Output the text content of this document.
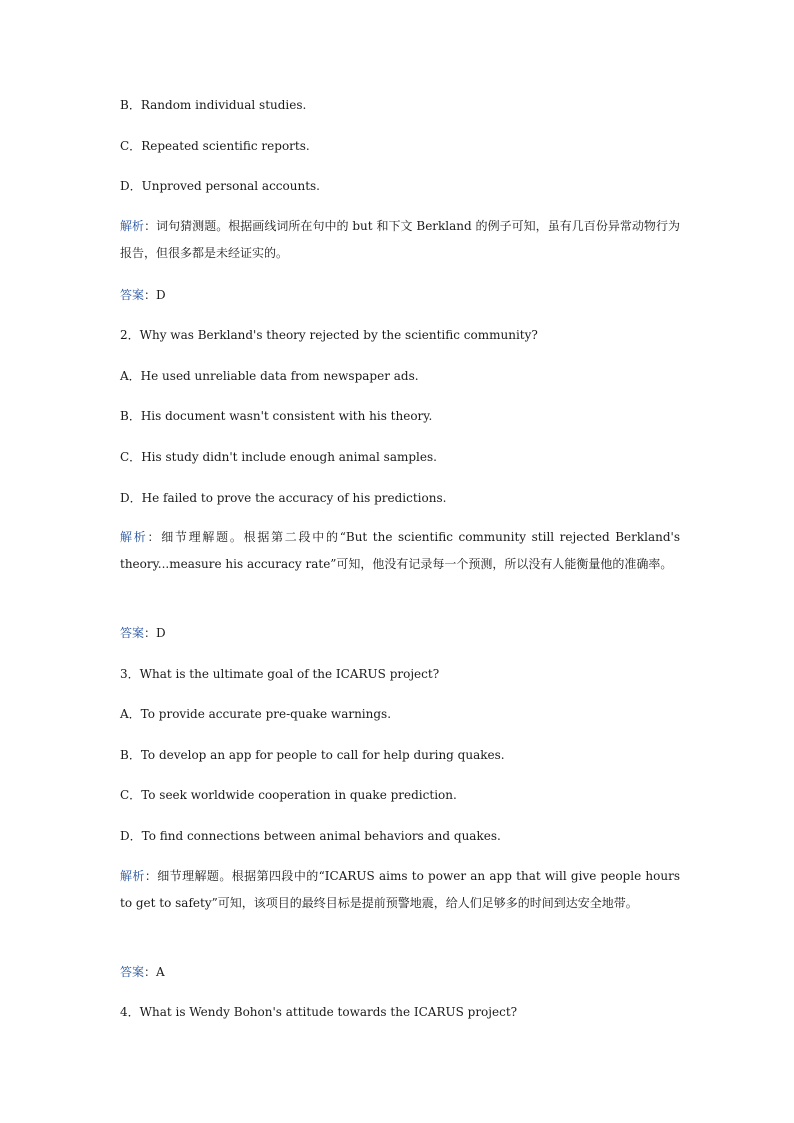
B．Random individual studies.
C．Repeated scientific reports.
D．Unproved personal accounts.
解析：词句猜测题。根据画线词所在句中的 but 和下文 Berkland 的例子可知，虽有几百份异常动物行为报告，但很多都是未经证实的。
答案：D
2．Why was Berkland's theory rejected by the scientific community?
A．He used unreliable data from newspaper ads.
B．His document wasn't consistent with his theory.
C．His study didn't include enough animal samples.
D．He failed to prove the accuracy of his predictions.
解析：细节理解题。根据第二段中的“But the scientific community still rejected Berkland's theory...measure his accuracy rate”可知，他没有记录每一个预测，所以没有人能衡量他的准确率。
答案：D
3．What is the ultimate goal of the ICARUS project?
A．To provide accurate pre-quake warnings.
B．To develop an app for people to call for help during quakes.
C．To seek worldwide cooperation in quake prediction.
D．To find connections between animal behaviors and quakes.
解析：细节理解题。根据第四段中的“ICARUS aims to power an app that will give people hours to get to safety”可知，该项目的最终目标是提前预警地震，给人们足够多的时间到达安全地带。
答案：A
4．What is Wendy Bohon's attitude towards the ICARUS project?
